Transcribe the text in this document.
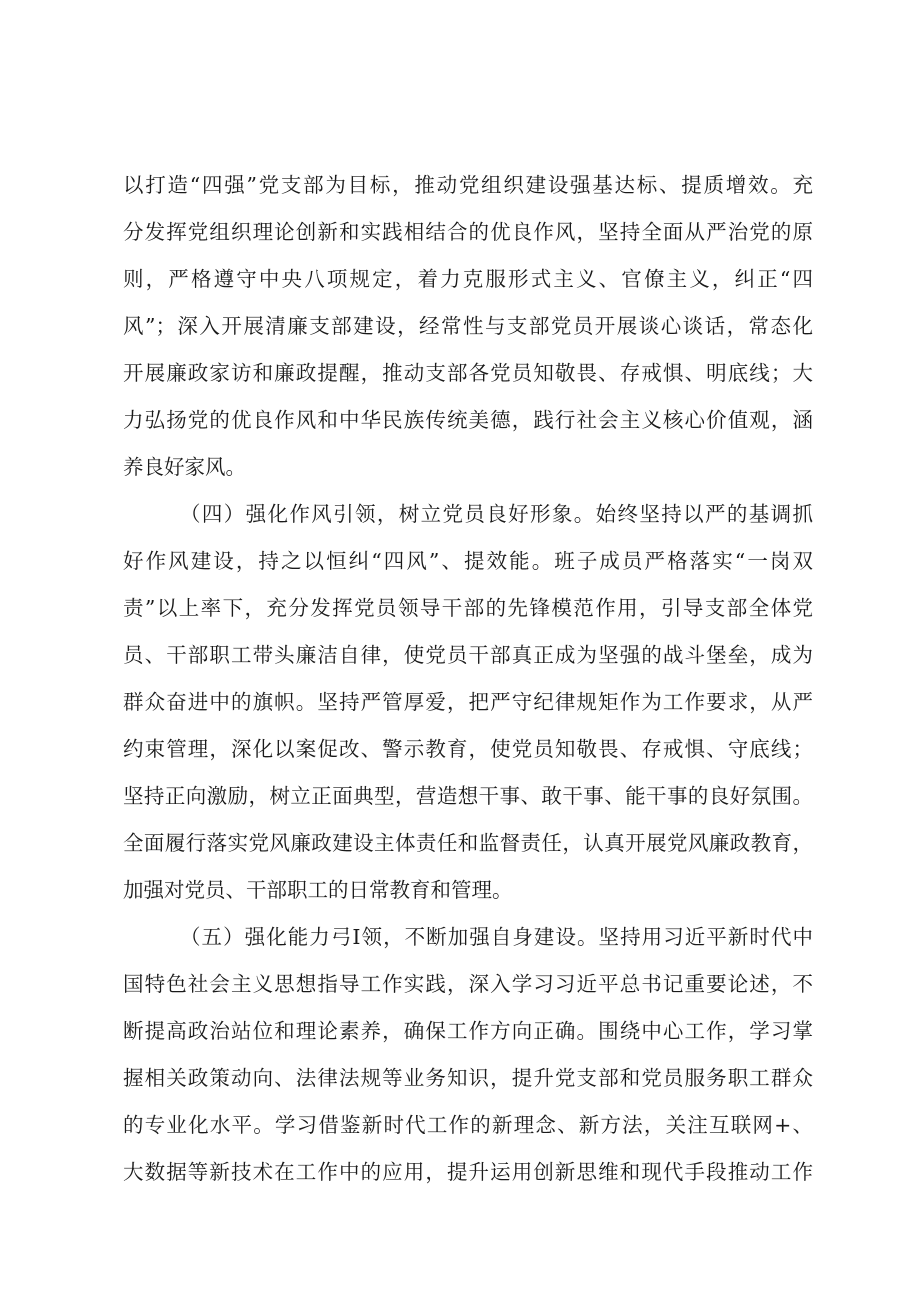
以打造“四强”党支部为目标，推动党组织建设强基达标、提质增效。充
分发挥党组织理论创新和实践相结合的优良作风，坚持全面从严治党的原
则，严格遵守中央八项规定，着力克服形式主义、官僚主义，纠正“四
风”；深入开展清廉支部建设，经常性与支部党员开展谈心谈话，常态化
开展廉政家访和廉政提醒，推动支部各党员知敬畏、存戒惧、明底线；大
力弘扬党的优良作风和中华民族传统美德，践行社会主义核心价值观，涵
养良好家风。
（四）强化作风引领，树立党员良好形象。始终坚持以严的基调抓
好作风建设，持之以恒纠“四风”、提效能。班子成员严格落实“一岗双
责”以上率下，充分发挥党员领导干部的先锋模范作用，引导支部全体党
员、干部职工带头廉洁自律，使党员干部真正成为坚强的战斗堡垒，成为
群众奋进中的旗帜。坚持严管厚爱，把严守纪律规矩作为工作要求，从严
约束管理，深化以案促改、警示教育，使党员知敬畏、存戒惧、守底线；
坚持正向激励，树立正面典型，营造想干事、敢干事、能干事的良好氛围。
全面履行落实党风廉政建设主体责任和监督责任，认真开展党风廉政教育，
加强对党员、干部职工的日常教育和管理。
（五）强化能力弓I领，不断加强自身建设。坚持用习近平新时代中
国特色社会主义思想指导工作实践，深入学习习近平总书记重要论述，不
断提高政治站位和理论素养，确保工作方向正确。围绕中心工作，学习掌
握相关政策动向、法律法规等业务知识，提升党支部和党员服务职工群众
的专业化水平。学习借鉴新时代工作的新理念、新方法，关注互联网+、
大数据等新技术在工作中的应用，提升运用创新思维和现代手段推动工作
